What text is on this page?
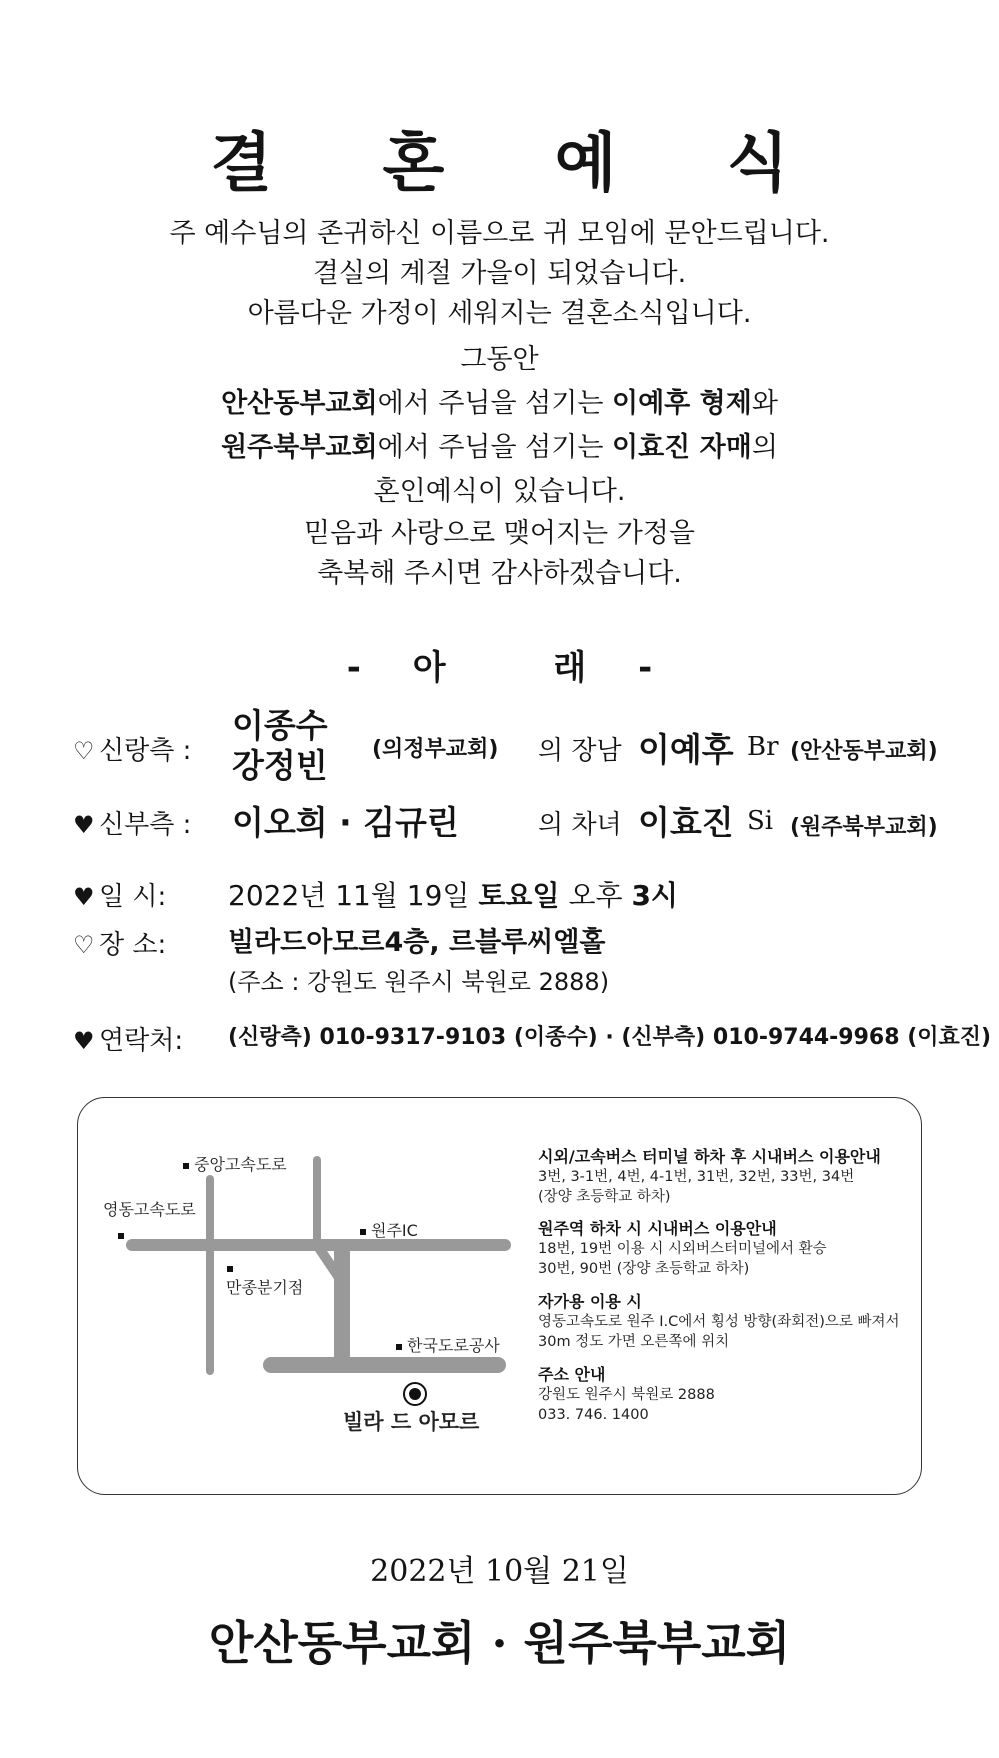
결 혼 예 식
주 예수님의 존귀하신 이름으로 귀 모임에 문안드립니다.
결실의 계절 가을이 되었습니다.
아름다운 가정이 세워지는 결혼소식입니다.
그동안
안산동부교회에서 주님을 섬기는 이예후 형제와
원주북부교회에서 주님을 섬기는 이효진 자매의
혼인예식이 있습니다.
믿음과 사랑으로 맺어지는 가정을
축복해 주시면 감사하겠습니다.
- 아	래 -
♡ 신랑측 :
이종수
강정빈 (의정부교회) 의 장남 이예후 Br (안산동부교회)
♥ 신부측 : 이오희 · 김규린	의 차녀 이효진 Si (원주북부교회)
♥ 일 시: 2022년 11월 19일 토요일 오후 3시
♡ 장 소: 빌라드아모르4층, 르블루씨엘홀
(주소 : 강원도 원주시 북원로 2888)
♥ 연락처: (신랑측) 010-9317-9103 (이종수) · (신부측) 010-9744-9968 (이효진)
중앙고속도로
영동고속도로
원주IC
만종분기점
한국도로공사
빌라 드 아모르
시외/고속버스 터미널 하차 후 시내버스 이용안내
3번, 3-1번, 4번, 4-1번, 31번, 32번, 33번, 34번
(장양 초등학교 하차)
원주역 하차 시 시내버스 이용안내
18번, 19번 이용 시 시외버스터미널에서 환승
30번, 90번 (장양 초등학교 하차)
자가용 이용 시
영동고속도로 원주 I.C에서 횡성 방향(좌회전)으로 빠져서
30m 정도 가면 오른쪽에 위치
주소 안내
강원도 원주시 북원로 2888
033. 746. 1400
2022년 10월 21일
안산동부교회 · 원주북부교회
